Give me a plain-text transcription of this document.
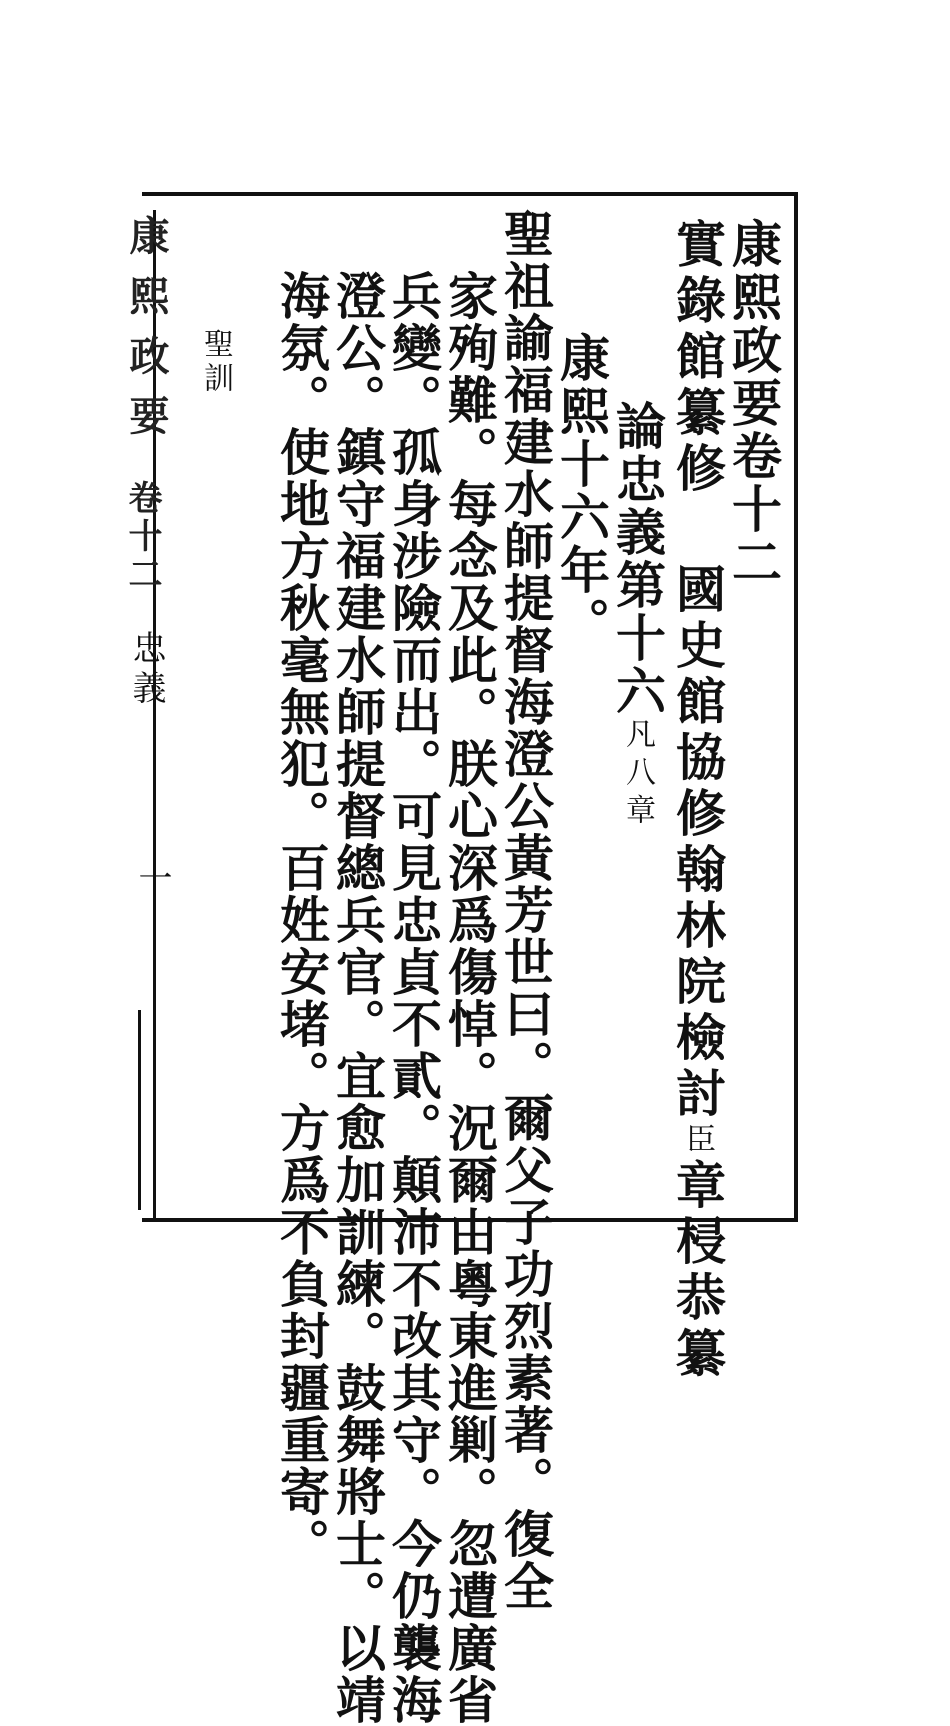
康熙政要
卷十二
忠義
一
康熙政要卷十二
實錄館纂修 國史館協修翰林院檢討臣章梫恭纂
論忠義第十六凡八章
康熙十六年。
聖祖諭福建水師提督海澄公黃芳世曰。爾父子功烈素著。復全
家殉難。每念及此。朕心深爲傷悼。況爾由粵東進剿。忽遭廣省
兵變。孤身涉險而出。可見忠貞不貳。顛沛不改其守。今仍襲海
澄公。鎮守福建水師提督總兵官。宜愈加訓練。鼓舞將士。以靖
海氛。使地方秋毫無犯。百姓安堵。方爲不負封疆重寄。
聖訓
